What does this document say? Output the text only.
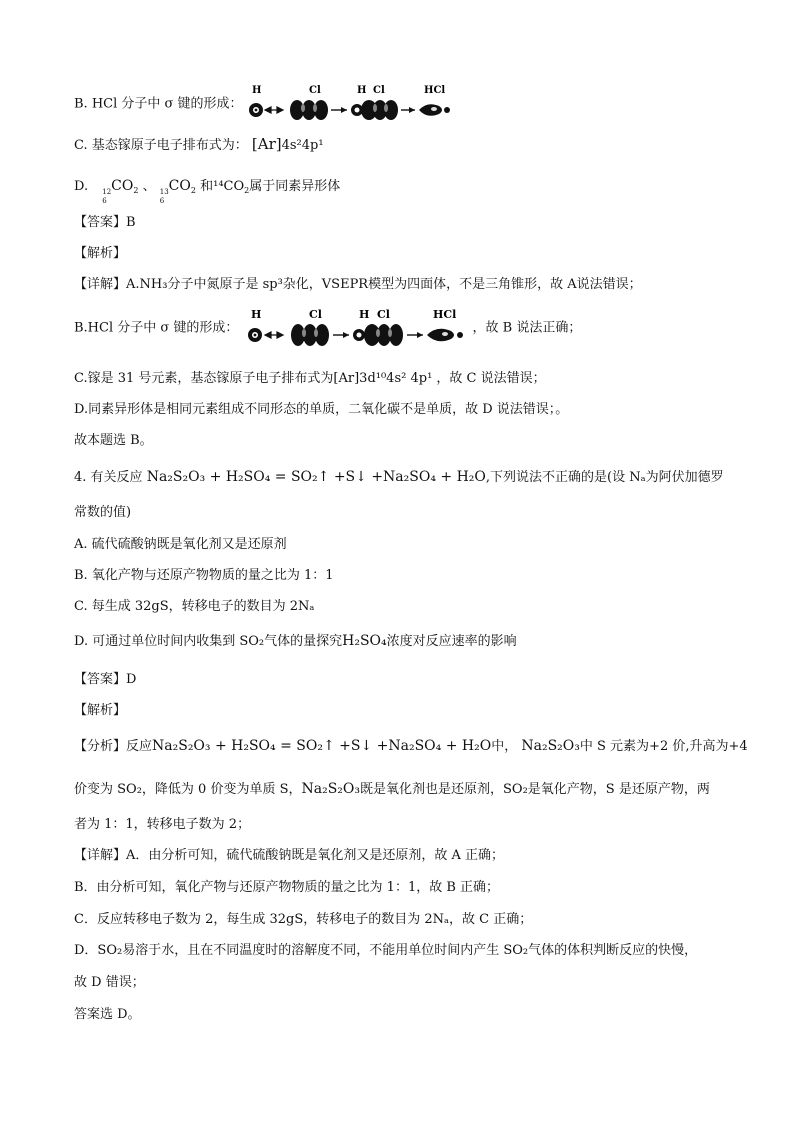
B. HCl 分子中 σ 键的形成：
H	Cl	H Cl	HCl
C. 基态镓原子电子排布式为： [Ar]4s²4p¹
D. 12
6
$CO_2$ 、 13
6
$CO_2$ 和$^{14}CO_2$属于同素异形体
【答案】B
【解析】
【详解】A.NH₃分子中氮原子是 sp³杂化，VSEPR模型为四面体，不是三角锥形，故 A说法错误；
B.HCl 分子中 σ 键的形成：
H	Cl	H Cl	HCl
，故 B 说法正确；
C.镓是 31 号元素，基态镓原子电子排布式为[Ar]3d¹⁰4s² 4p¹ ，故 C 说法错误；
D.同素异形体是相同元素组成不同形态的单质，二氧化碳不是单质，故 D 说法错误；。
故本题选 B。
4. 有关反应 Na₂S₂O₃ + H₂SO₄ = SO₂↑ +S↓ +Na₂SO₄ + H₂O,下列说法不正确的是(设 Nₐ为阿伏加德罗
常数的值)
A. 硫代硫酸钠既是氧化剂又是还原剂
B. 氧化产物与还原产物物质的量之比为 1：1
C. 每生成 32gS，转移电子的数目为 2Nₐ
D. 可通过单位时间内收集到 SO₂气体的量探究H₂SO₄浓度对反应速率的影响
【答案】D
【解析】
【分析】反应Na₂S₂O₃ + H₂SO₄ = SO₂↑ +S↓ +Na₂SO₄ + H₂O中， Na₂S₂O₃中 S 元素为+2 价,升高为+4
价变为 SO₂，降低为 0 价变为单质 S，Na₂S₂O₃既是氧化剂也是还原剂，SO₂是氧化产物，S 是还原产物，两
者为 1：1，转移电子数为 2；
【详解】A．由分析可知，硫代硫酸钠既是氧化剂又是还原剂，故 A 正确；
B．由分析可知，氧化产物与还原产物物质的量之比为 1：1，故 B 正确；
C．反应转移电子数为 2，每生成 32gS，转移电子的数目为 2Nₐ，故 C 正确；
D．SO₂易溶于水，且在不同温度时的溶解度不同，不能用单位时间内产生 SO₂气体的体积判断反应的快慢，
故 D 错误；
答案选 D。
